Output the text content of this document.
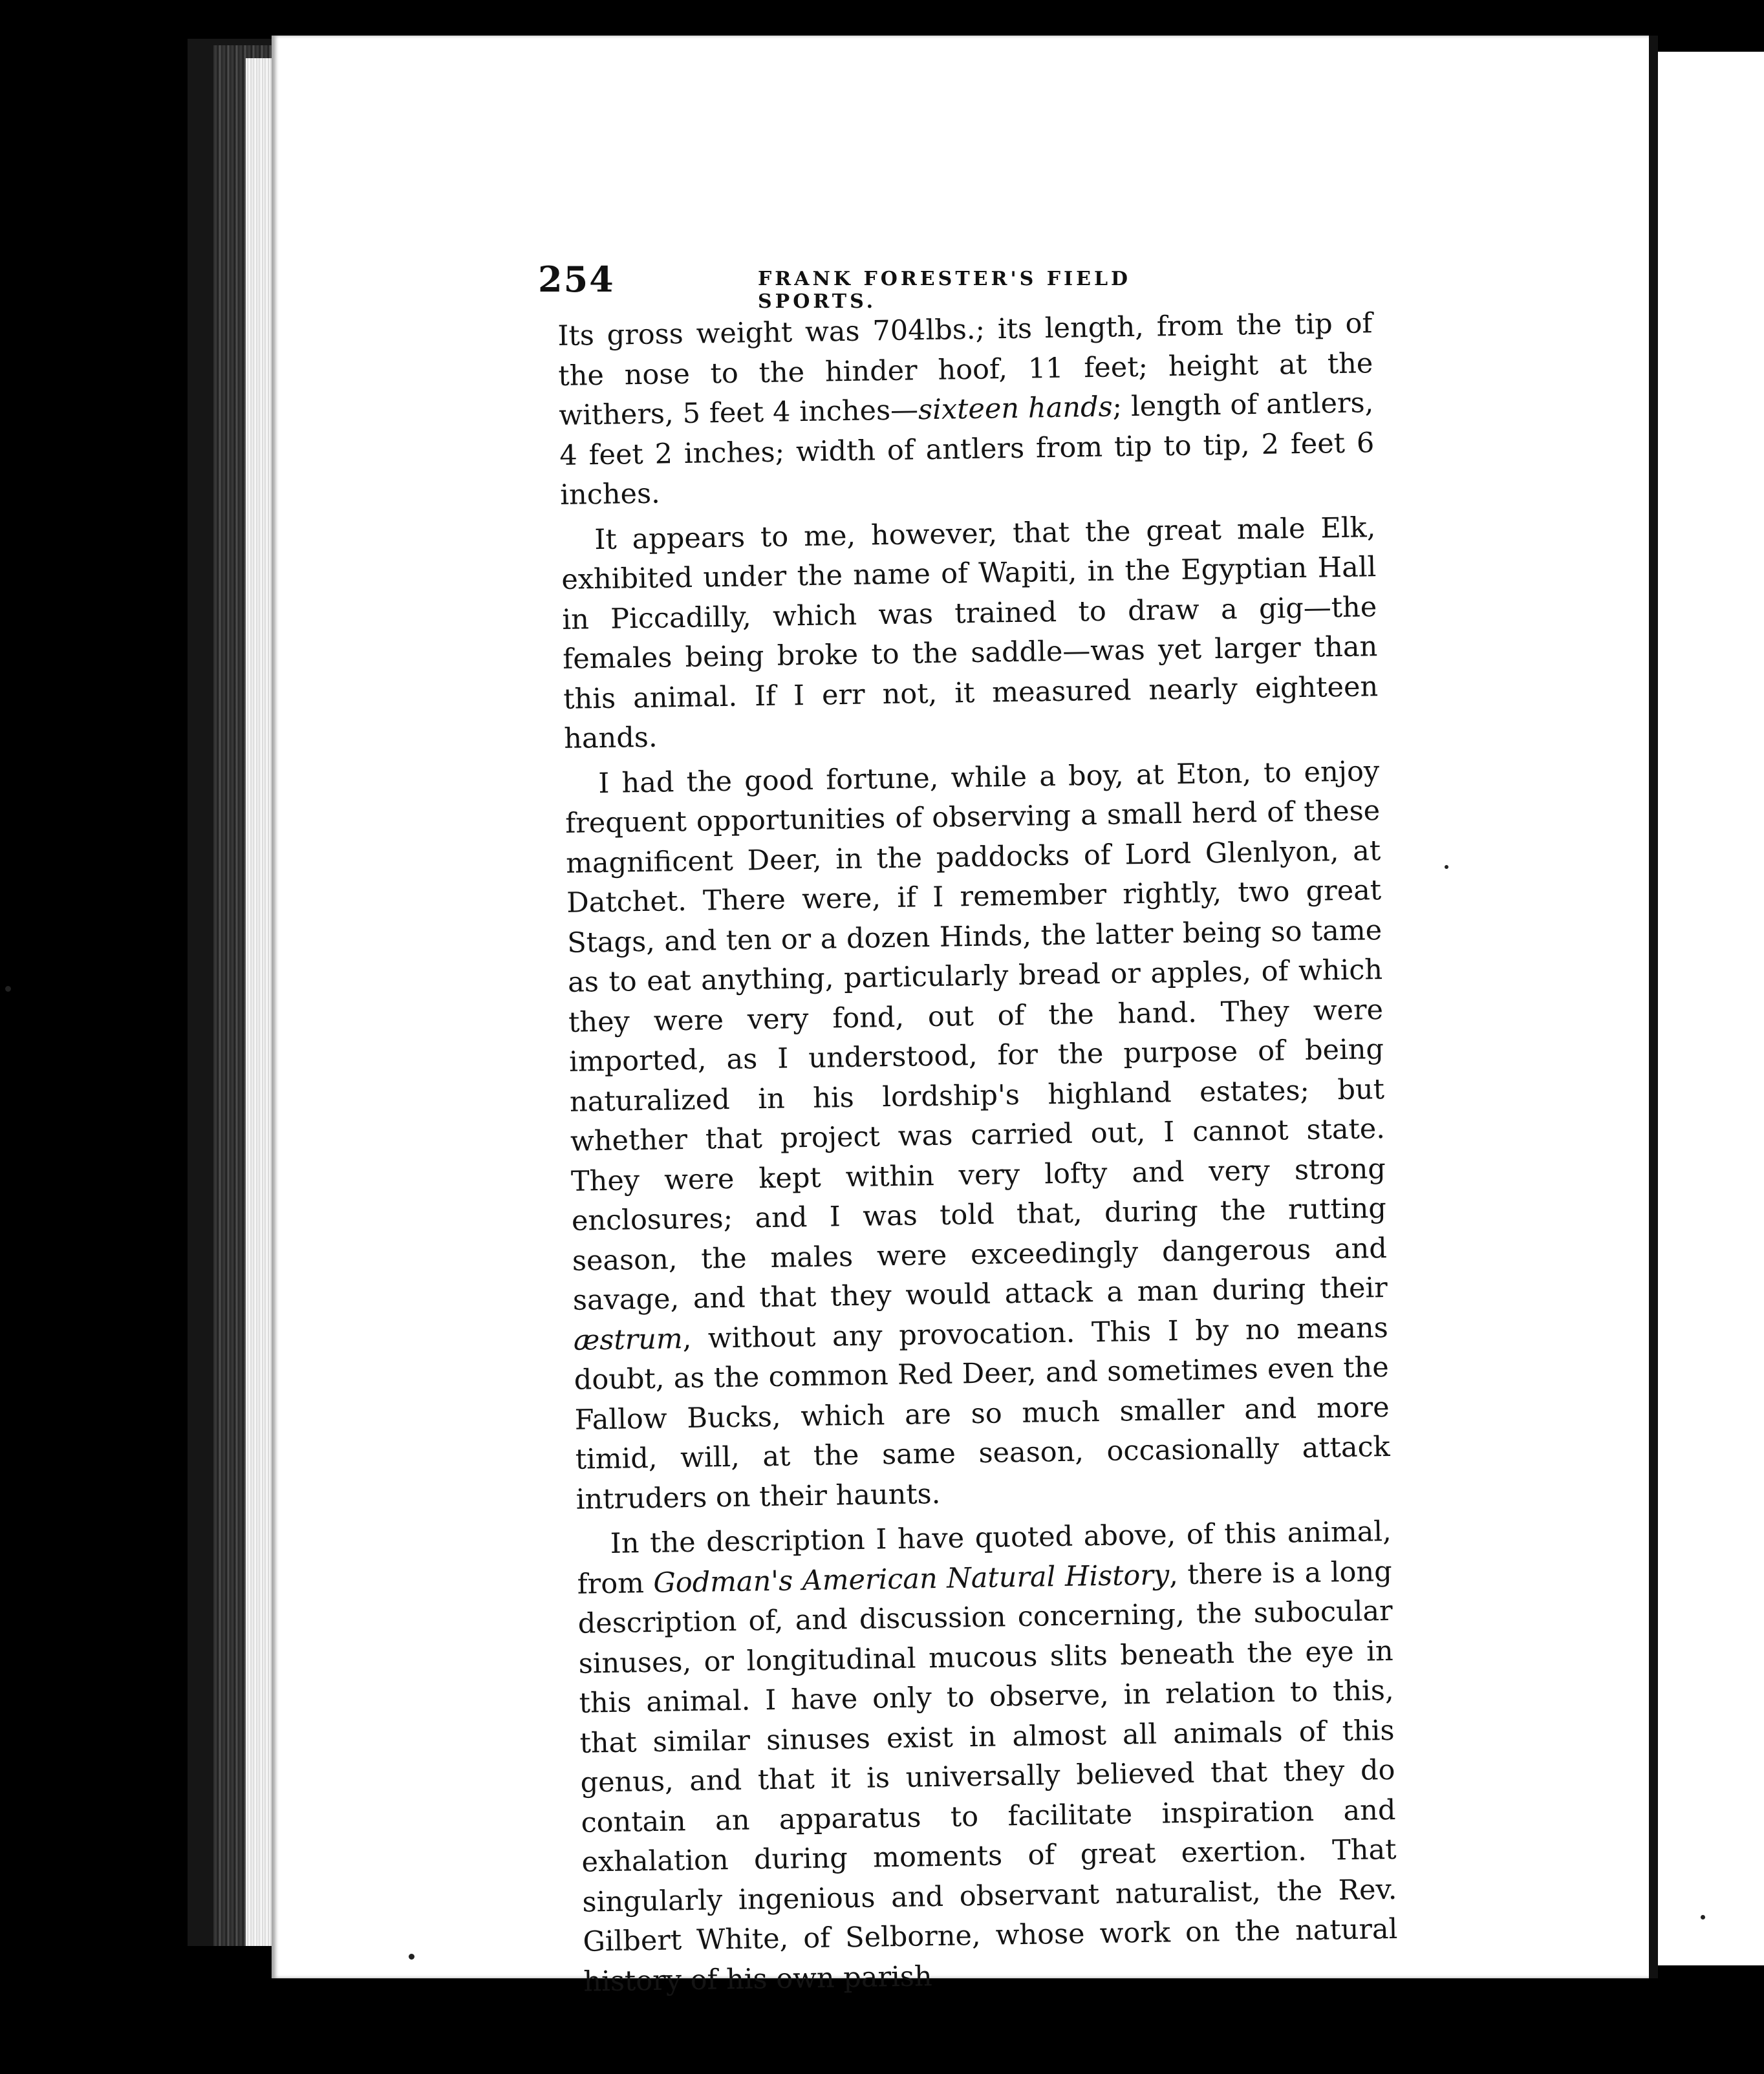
254	FRANK FORESTER'S FIELD SPORTS.

Its gross weight was 704lbs.; its length, from the tip of the nose to the hinder hoof, 11 feet; height at the withers, 5 feet 4 inches—sixteen hands; length of antlers, 4 feet 2 inches; width of antlers from tip to tip, 2 feet 6 inches.

It appears to me, however, that the great male Elk, exhibited under the name of Wapiti, in the Egyptian Hall in Piccadilly, which was trained to draw a gig—the females being broke to the saddle—was yet larger than this animal. If I err not, it measured nearly eighteen hands.

I had the good fortune, while a boy, at Eton, to enjoy frequent opportunities of observing a small herd of these magnificent Deer, in the paddocks of Lord Glenlyon, at Datchet. There were, if I remember rightly, two great Stags, and ten or a dozen Hinds, the latter being so tame as to eat anything, particularly bread or apples, of which they were very fond, out of the hand. They were imported, as I understood, for the purpose of being naturalized in his lordship's highland estates; but whether that project was carried out, I cannot state. They were kept within very lofty and very strong enclosures; and I was told that, during the rutting season, the males were exceedingly dangerous and savage, and that they would attack a man during their æstrum, without any provocation. This I by no means doubt, as the common Red Deer, and sometimes even the Fallow Bucks, which are so much smaller and more timid, will, at the same season, occasionally attack intruders on their haunts.

In the description I have quoted above, of this animal, from Godman's American Natural History, there is a long description of, and discussion concerning, the subocular sinuses, or longitudinal mucous slits beneath the eye in this animal. I have only to observe, in relation to this, that similar sinuses exist in almost all animals of this genus, and that it is universally believed that they do contain an apparatus to facilitate inspiration and exhalation during moments of great exertion. That singularly ingenious and observant naturalist, the Rev. Gilbert White, of Selborne, whose work on the natural history of his own parish
